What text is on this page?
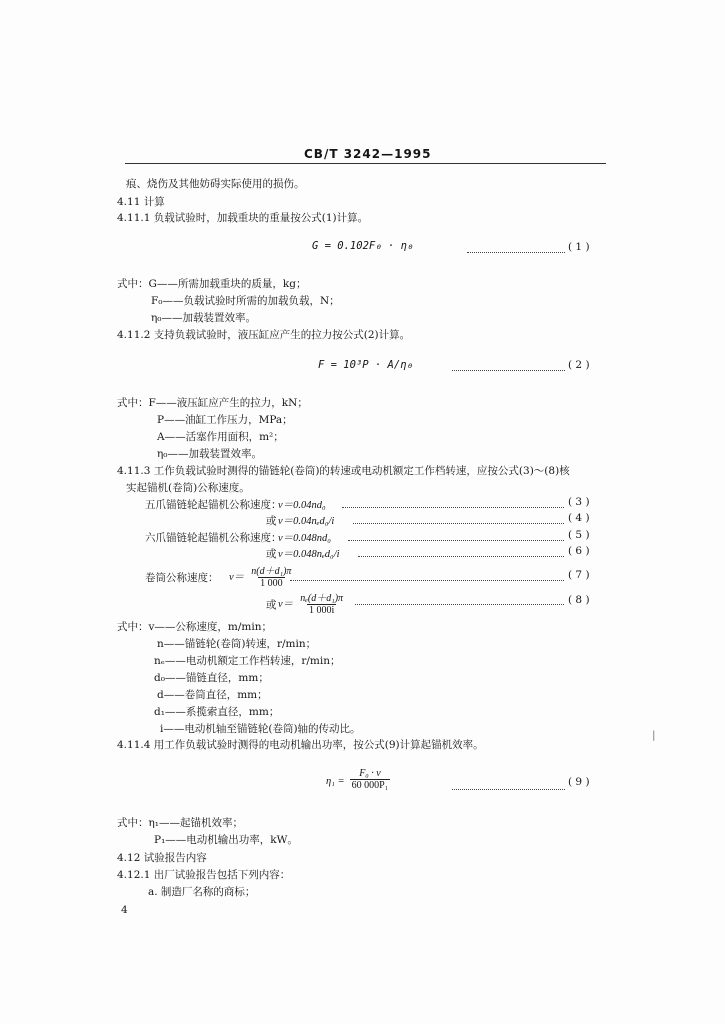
CB/T 3242—1995
痕、烧伤及其他妨碍实际使用的损伤。
4.11 计算
4.11.1 负载试验时，加载重块的重量按公式(1)计算。
G = 0.102F₀ · η₀	( 1 )
式中：G——所需加载重块的质量，kg；
F₀——负载试验时所需的加载负载，N；
η₀——加载装置效率。
4.11.2 支持负载试验时，液压缸应产生的拉力按公式(2)计算。
F = 10³P · A/η₀	( 2 )
式中：F——液压缸应产生的拉力，kN；
P——油缸工作压力，MPa；
A——活塞作用面积，m²；
η₀——加载装置效率。
4.11.3 工作负载试验时测得的锚链轮(卷筒)的转速或电动机额定工作档转速，应按公式(3)～(8)核
实起锚机(卷筒)公称速度。
五爪锚链轮起锚机公称速度：
v＝0.04nd₀	( 3 )
或 v＝0.04nₑd₀/i	( 4 )
六爪锚链轮起锚机公称速度：
v＝0.048nd₀	( 5 )
或 v＝0.048nₑd₀/i	( 6 )
卷筒公称速度： $v= \frac{\text{n(d＋d₁)π}}{1 000}$	( 7 )
或 $v= \frac{\text{nₑ(d＋d₁)π}}{1 000i}$	( 8 )
式中：v——公称速度，m/min；
n——锚链轮(卷筒)转速，r/min；
nₑ——电动机额定工作档转速，r/min；
d₀——锚链直径，mm；
d——卷筒直径，mm；
d₁——系揽索直径，mm；
i——电动机轴至锚链轮(卷筒)轴的传动比。
4.11.4 用工作负载试验时测得的电动机输出功率，按公式(9)计算起锚机效率。
|
$\eta_1 = \frac{\text{F₀ · v}}{\text{60 000P₁}}$	( 9 )
式中：η₁——起锚机效率；
P₁——电动机输出功率，kW。
4.12 试验报告内容
4.12.1 出厂试验报告包括下列内容：
a. 制造厂名称的商标；
4
